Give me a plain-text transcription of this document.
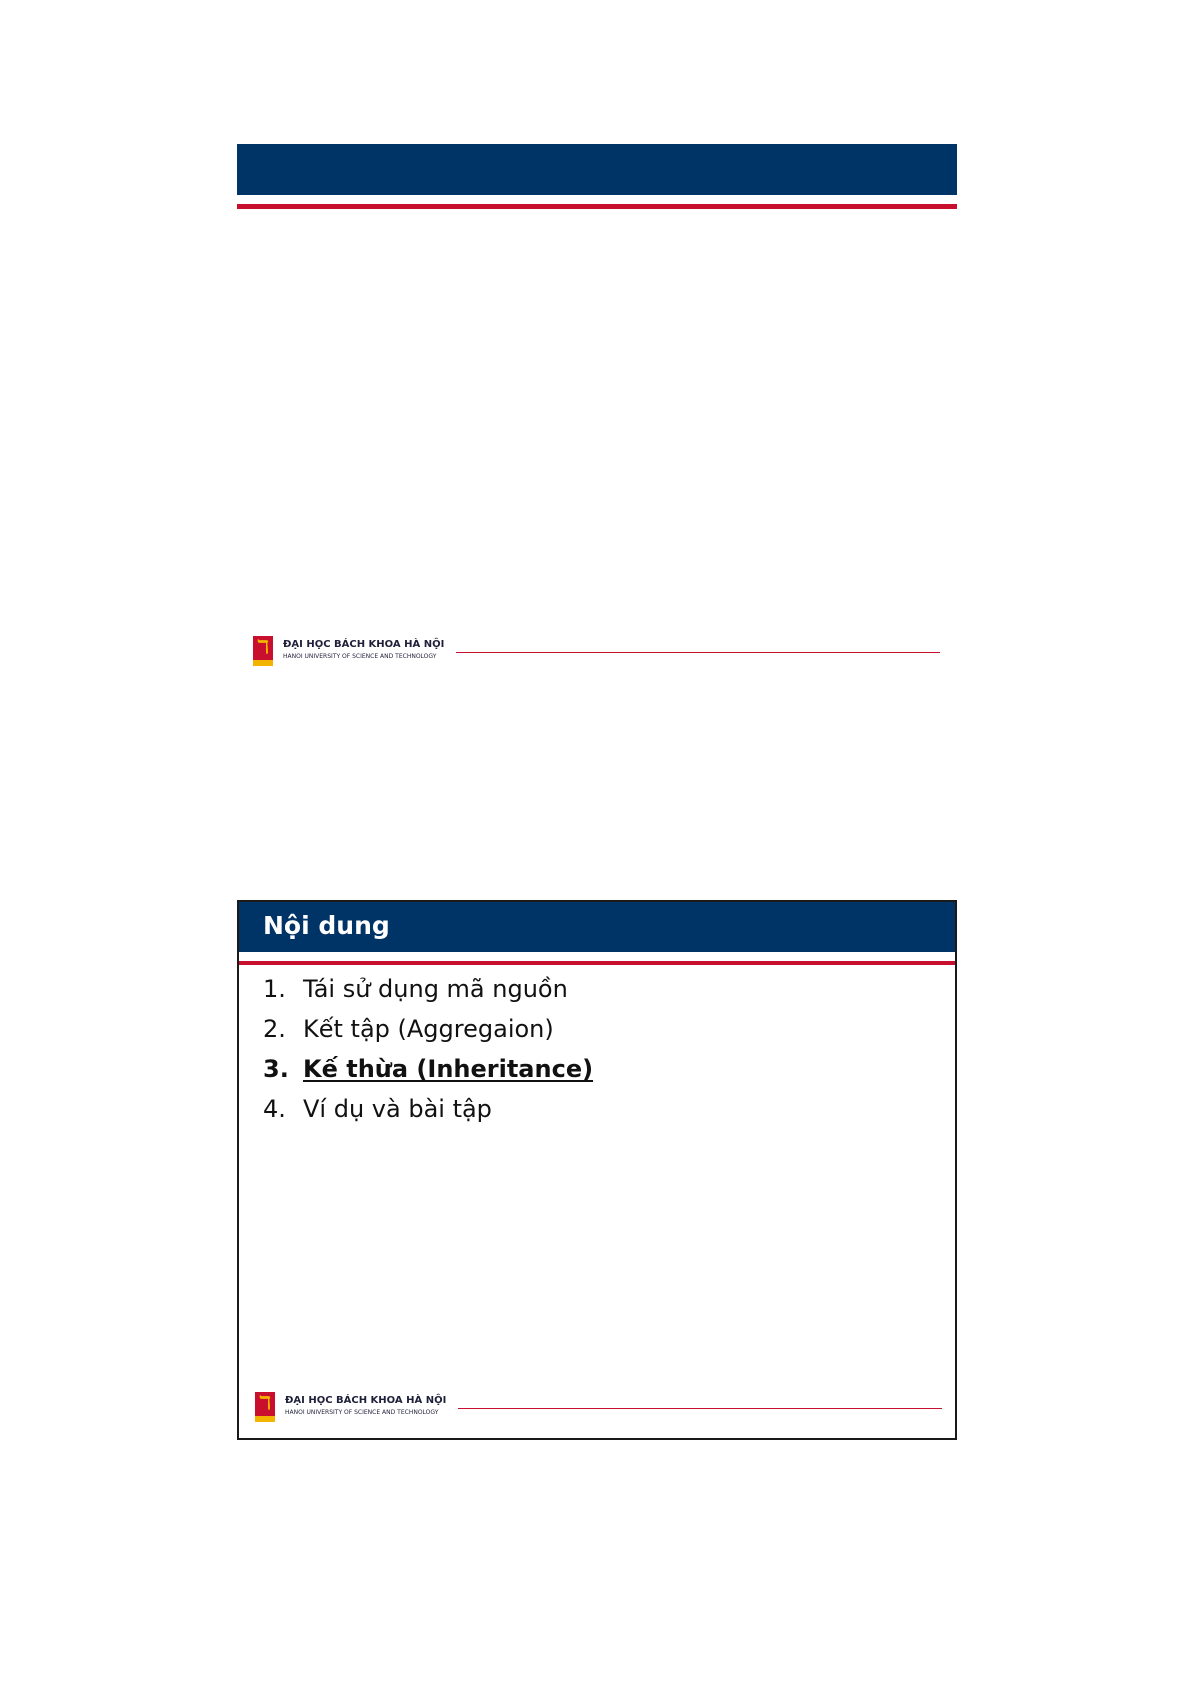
ℸ	ĐẠI HỌC BÁCH KHOA HÀ NỘI
HANOI UNIVERSITY OF SCIENCE AND TECHNOLOGY
Nội dung
1. Tái sử dụng mã nguồn
2. Kết tập (Aggregaion)
3. Kế thừa (Inheritance)
4. Ví dụ và bài tập
ℸ	ĐẠI HỌC BÁCH KHOA HÀ NỘI
HANOI UNIVERSITY OF SCIENCE AND TECHNOLOGY
